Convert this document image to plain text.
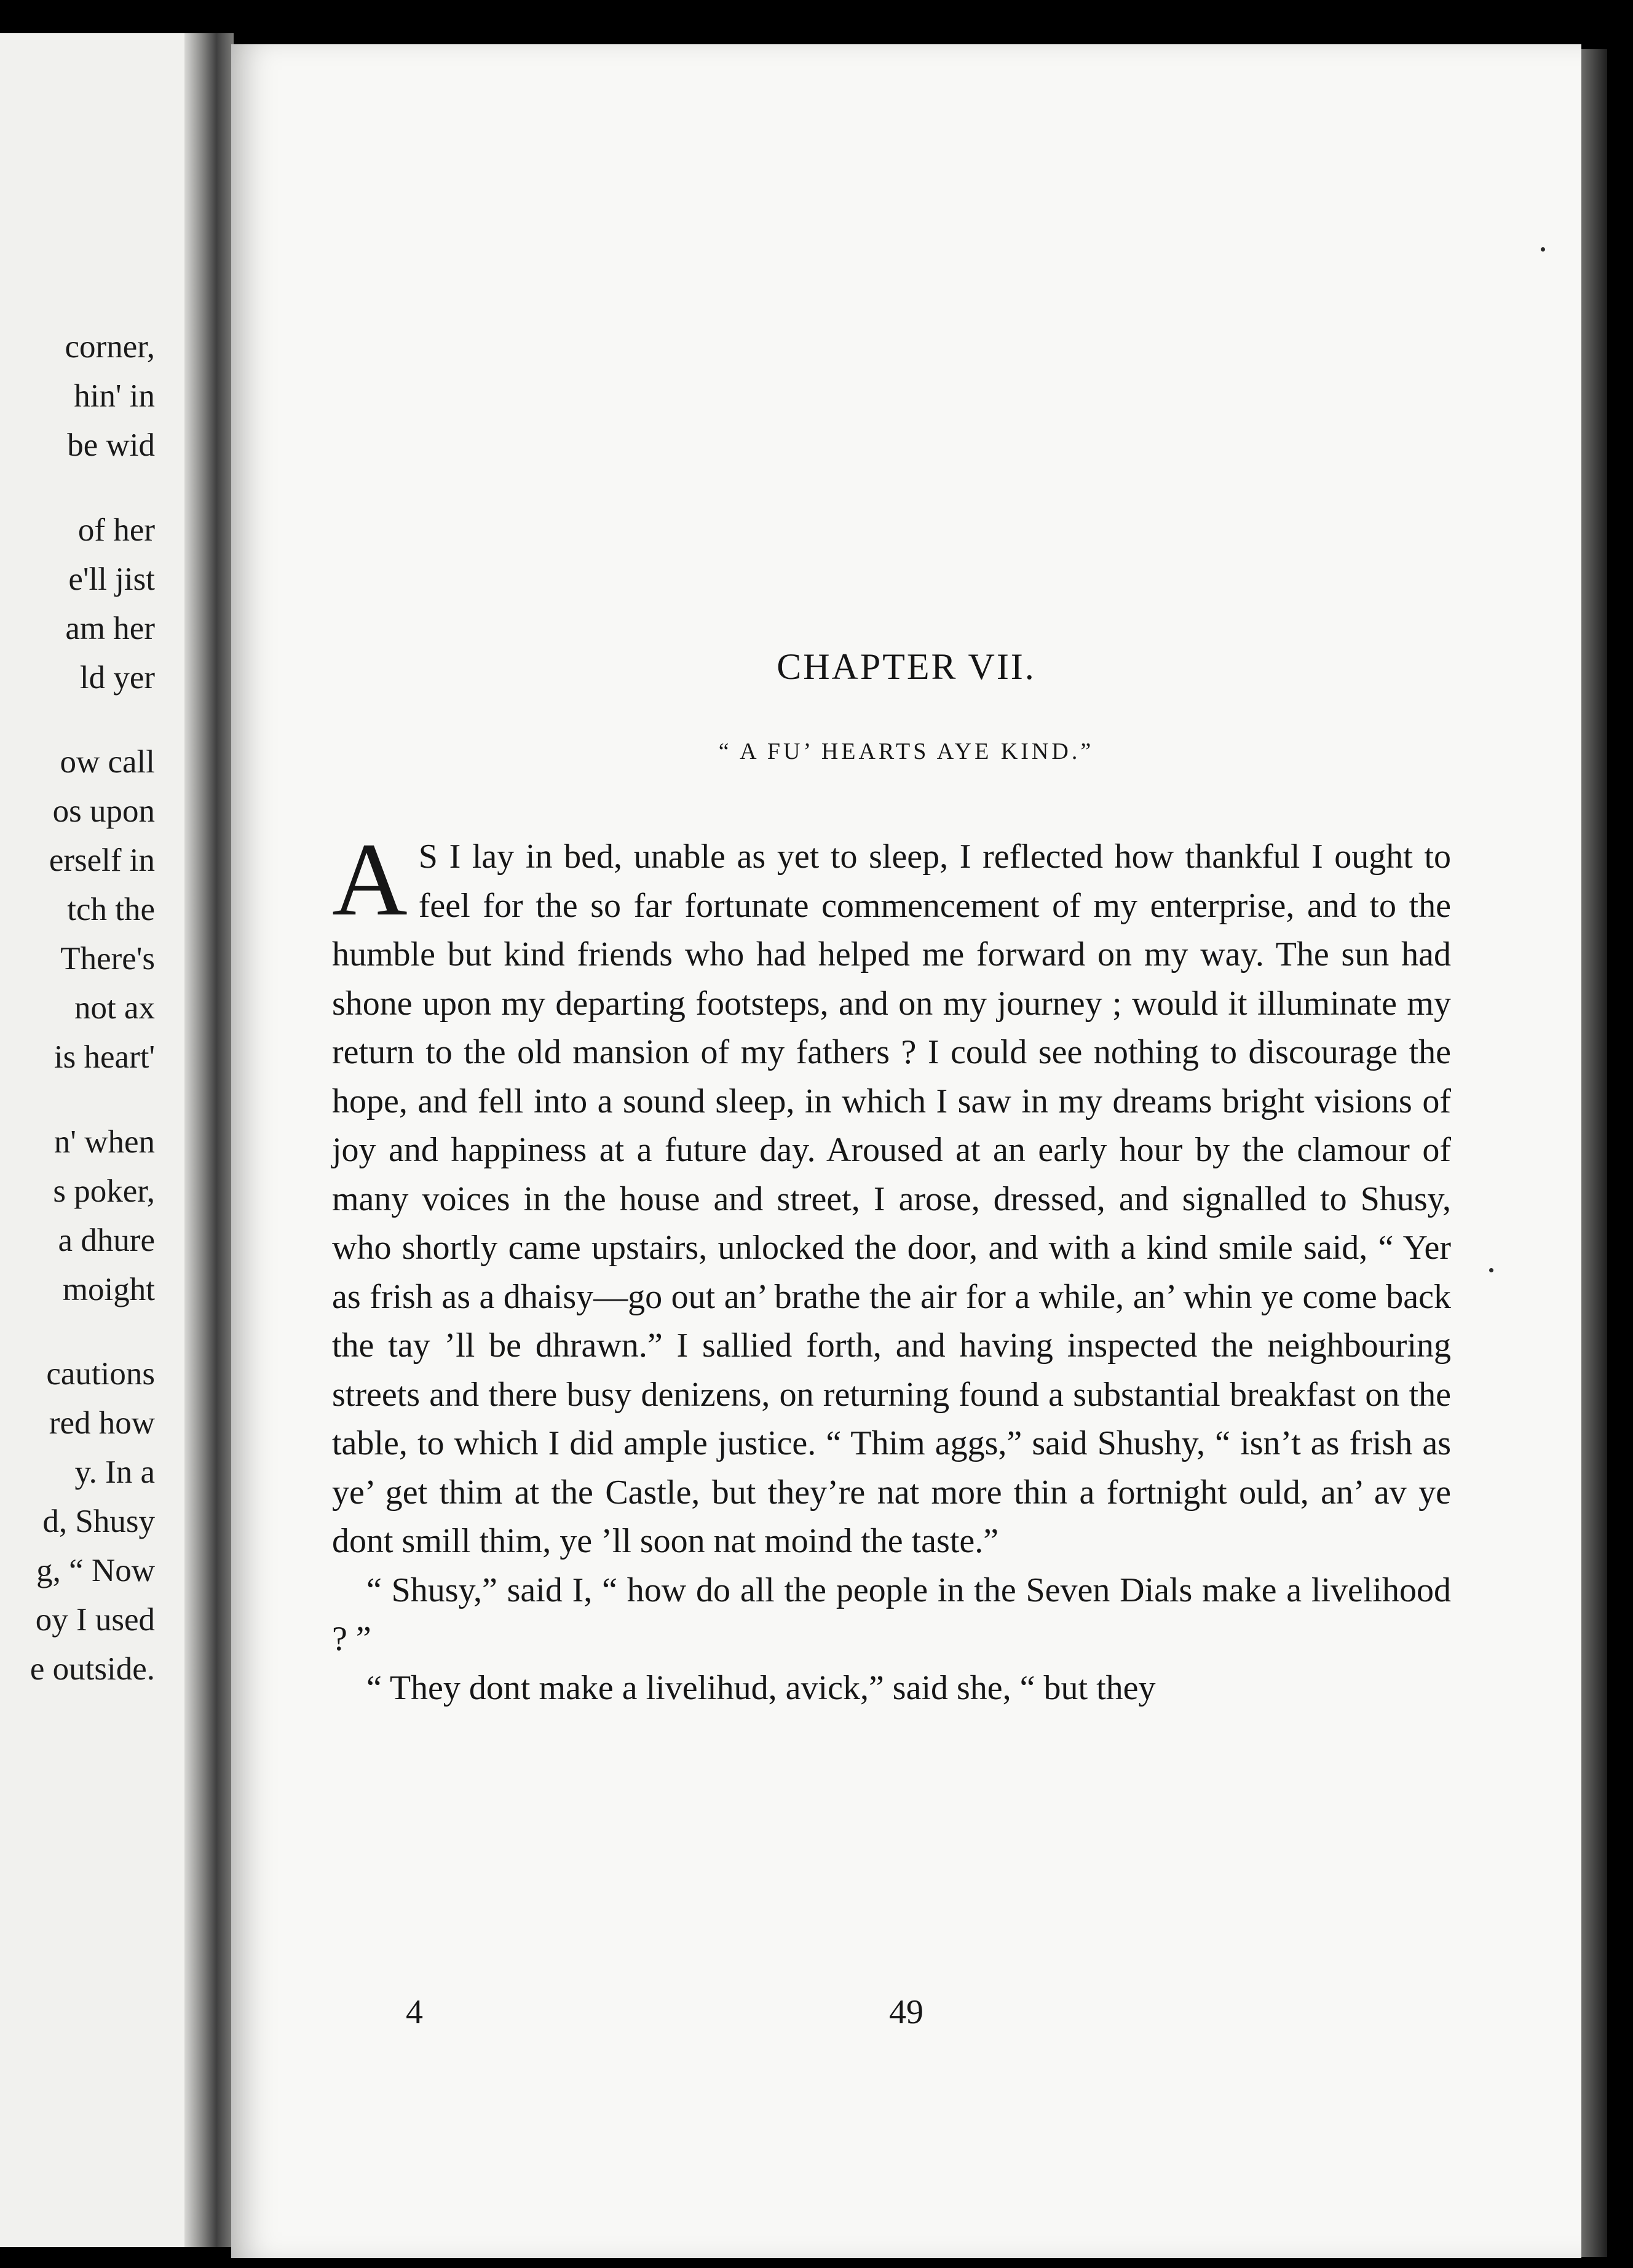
corner,
hin' in
be wid
of her
e'll jist
am her
ld yer
ow call
os upon
erself in
tch the
There's
not ax
is heart'
n' when
s poker,
a dhure
moight
cautions
red how
y. In a
d, Shusy
g, “ Now
oy I used
e outside.
CHAPTER VII.
“ A FU’ HEARTS AYE KIND.”

A S I lay in bed, unable as yet to sleep, I reflected how thankful I ought to feel for the so far fortunate commencement of my enterprise, and to the humble but kind friends who had helped me forward on my way. The sun had shone upon my departing footsteps, and on my journey ; would it illuminate my return to the old mansion of my fathers ? I could see nothing to discourage the hope, and fell into a sound sleep, in which I saw in my dreams bright visions of joy and happiness at a future day. Aroused at an early hour by the clamour of many voices in the house and street, I arose, dressed, and signalled to Shusy, who shortly came upstairs, unlocked the door, and with a kind smile said, “ Yer as frish as a dhaisy—go out an’ brathe the air for a while, an’ whin ye come back the tay ’ll be dhrawn.” I sallied forth, and having inspected the neighbouring streets and there busy denizens, on returning found a substantial breakfast on the table, to which I did ample justice. “ Thim aggs,” said Shushy, “ isn’t as frish as ye’ get thim at the Castle, but they’re nat more thin a fortnight ould, an’ av ye dont smill thim, ye ’ll soon nat moind the taste.”

“ Shusy,” said I, “ how do all the people in the Seven Dials make a livelihood ? ”

“ They dont make a livelihud, avick,” said she, “ but they

4	49
